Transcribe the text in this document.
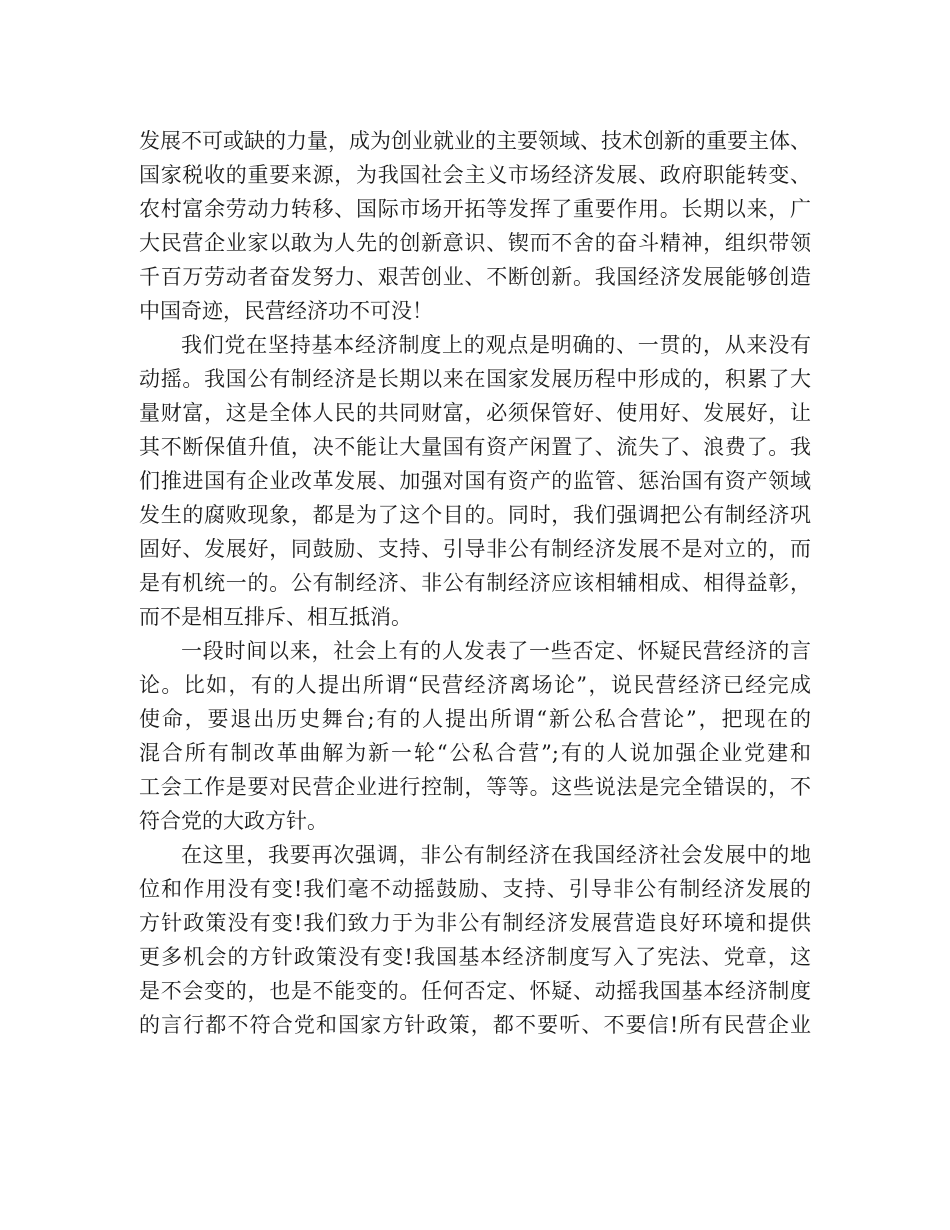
发展不可或缺的力量，成为创业就业的主要领域、技术创新的重要主体、
国家税收的重要来源，为我国社会主义市场经济发展、政府职能转变、
农村富余劳动力转移、国际市场开拓等发挥了重要作用。长期以来，广
大民营企业家以敢为人先的创新意识、锲而不舍的奋斗精神，组织带领
千百万劳动者奋发努力、艰苦创业、不断创新。我国经济发展能够创造
中国奇迹，民营经济功不可没！
我们党在坚持基本经济制度上的观点是明确的、一贯的，从来没有
动摇。我国公有制经济是长期以来在国家发展历程中形成的，积累了大
量财富，这是全体人民的共同财富，必须保管好、使用好、发展好，让
其不断保值升值，决不能让大量国有资产闲置了、流失了、浪费了。我
们推进国有企业改革发展、加强对国有资产的监管、惩治国有资产领域
发生的腐败现象，都是为了这个目的。同时，我们强调把公有制经济巩
固好、发展好，同鼓励、支持、引导非公有制经济发展不是对立的，而
是有机统一的。公有制经济、非公有制经济应该相辅相成、相得益彰，
而不是相互排斥、相互抵消。
一段时间以来，社会上有的人发表了一些否定、怀疑民营经济的言
论。比如，有的人提出所谓“民营经济离场论”，说民营经济已经完成
使命，要退出历史舞台;有的人提出所谓“新公私合营论”，把现在的
混合所有制改革曲解为新一轮“公私合营”;有的人说加强企业党建和
工会工作是要对民营企业进行控制，等等。这些说法是完全错误的，不
符合党的大政方针。
在这里，我要再次强调，非公有制经济在我国经济社会发展中的地
位和作用没有变!我们毫不动摇鼓励、支持、引导非公有制经济发展的
方针政策没有变!我们致力于为非公有制经济发展营造良好环境和提供
更多机会的方针政策没有变!我国基本经济制度写入了宪法、党章，这
是不会变的，也是不能变的。任何否定、怀疑、动摇我国基本经济制度
的言行都不符合党和国家方针政策，都不要听、不要信!所有民营企业
